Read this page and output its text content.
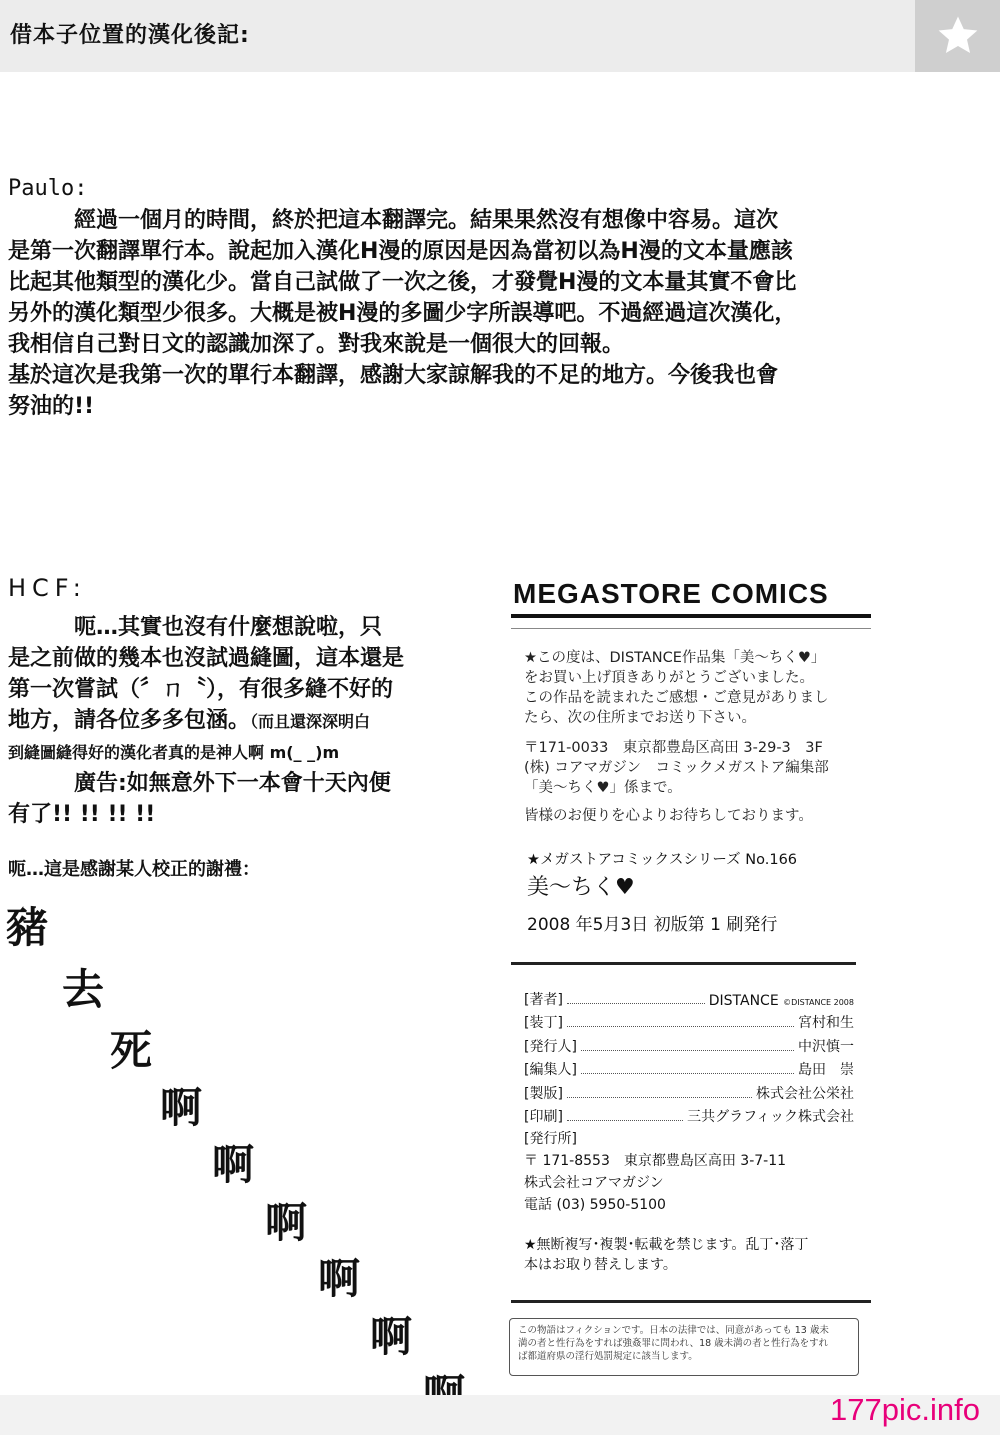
借本子位置的漢化後記:
Paulo:

　　　經過一個月的時間，終於把這本翻譯完。結果果然沒有想像中容易。這次

是第一次翻譯單行本。說起加入漢化H漫的原因是因為當初以為H漫的文本量應該

比起其他類型的漢化少。當自己試做了一次之後，才發覺H漫的文本量其實不會比

另外的漢化類型少很多。大概是被H漫的多圖少字所誤導吧。不過經過這次漢化，

我相信自己對日文的認識加深了。對我來說是一個很大的回報。

基於這次是我第一次的單行本翻譯，感謝大家諒解我的不足的地方。今後我也會

努油的!!

HCF:

　　　呃…其實也沒有什麼想說啦，只

是之前做的幾本也沒試過縫圖，這本還是

第一次嘗試（〞ㄇ〝），有很多縫不好的

地方，請各位多多包涵。（而且還深深明白

到縫圖縫得好的漢化者真的是神人啊 m(_ _)m

　　　廣告:如無意外下一本會十天內便

有了!! !! !! !!

呃…這是感謝某人校正的謝禮：
豬
去
死
啊
啊
啊
啊
啊
MEGASTORE COMICS

★この度は、DISTANCE作品集「美〜ちく♥」

をお買い上げ頂きありがとうございました。

この作品を読まれたご感想・ご意見がありまし

たら、次の住所までお送り下さい。

〒171-0033　東京都豊島区高田 3-29-3　3F

(株) コアマガジン　コミックメガストア編集部

「美〜ちく♥」係まで。

皆様のお便りを心よりお待ちしております。
★メガストアコミックスシリーズ No.166
美〜ちく♥
2008 年5月3日 初版第 1 刷発行
[著者]	DISTANCE ©DISTANCE 2008
[装丁]	宮村和生
[発行人]	中沢慎一
[編集人]	島田　崇
[製版]	株式会社公栄社
[印刷]	三共グラフィック株式会社

[発行所]

〒 171-8553　東京都豊島区高田 3-7-11

株式会社コアマガジン

電話 (03) 5950-5100

★無断複写･複製･転載を禁じます。乱丁･落丁

本はお取り替えします。

この物語はフィクションです。日本の法律では、同意があっても 13 歳未

満の者と性行為をすれば強姦罪に問われ、18 歳未満の者と性行為をすれ

ば都道府県の淫行処罰規定に該当します。

177pic.info
